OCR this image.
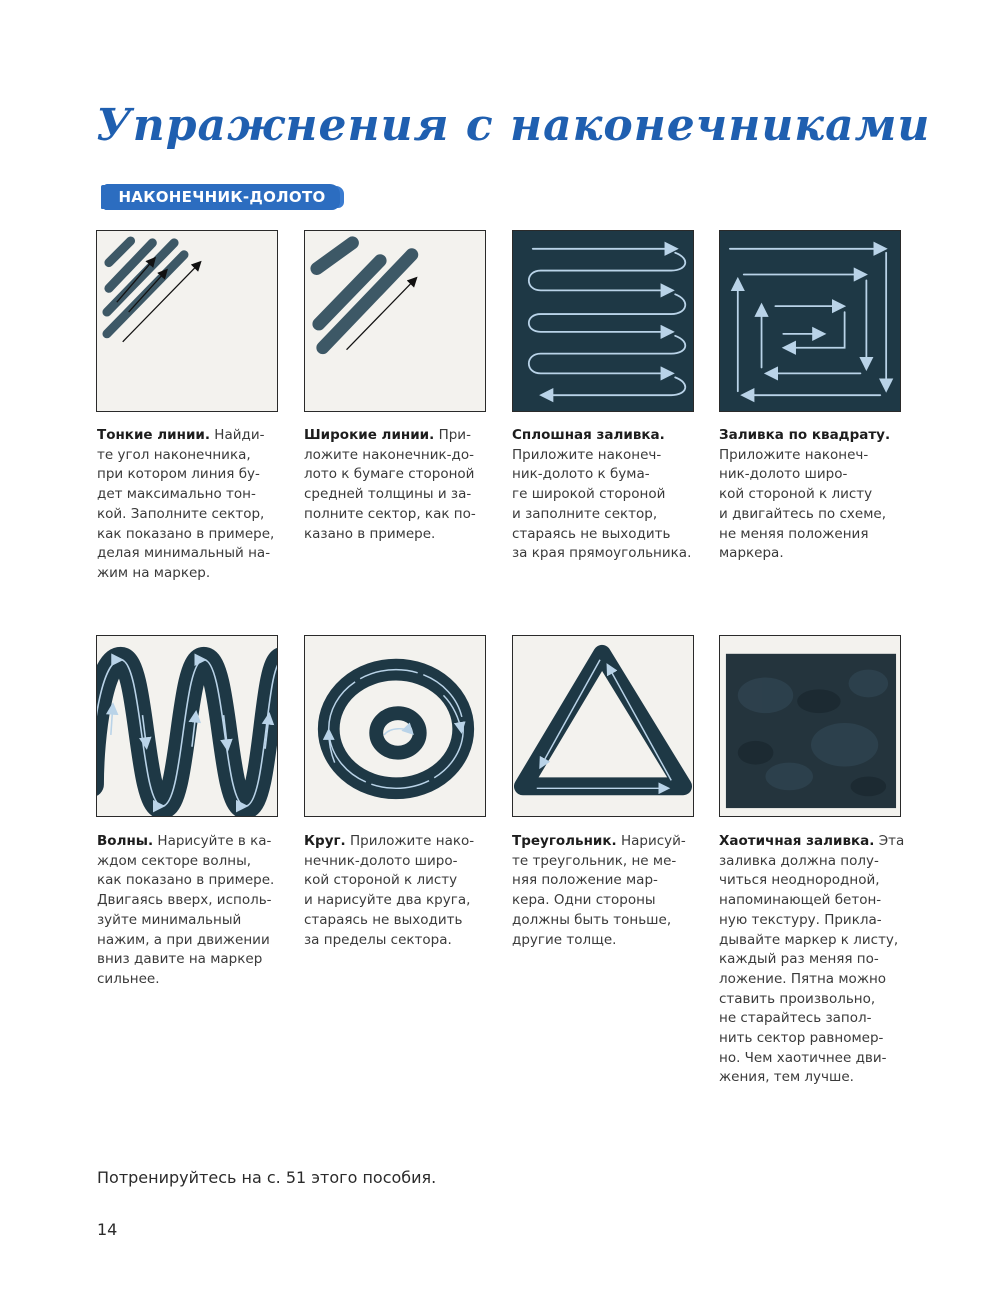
Упражнения с наконечниками
НАКОНЕЧНИК-ДОЛОТО
Тонкие линии. Найди-
те угол наконечника,
при котором линия бу-
дет максимально тон-
кой. Заполните сектор,
как показано в примере,
делая минимальный на-
жим на маркер.
Широкие линии. При-
ложите наконечник-до-
лото к бумаге стороной
средней толщины и за-
полните сектор, как по-
казано в примере.
Сплошная заливка.
Приложите наконеч-
ник-долото к бума-
ге широкой стороной
и заполните сектор,
стараясь не выходить
за края прямоугольника.
Заливка по квадрату.
Приложите наконеч-
ник-долото широ-
кой стороной к листу
и двигайтесь по схеме,
не меняя положения
маркера.
Волны. Нарисуйте в ка-
ждом секторе волны,
как показано в примере.
Двигаясь вверх, исполь-
зуйте минимальный
нажим, а при движении
вниз давите на маркер
сильнее.
Круг. Приложите нако-
нечник-долото широ-
кой стороной к листу
и нарисуйте два круга,
стараясь не выходить
за пределы сектора.
Треугольник. Нарисуй-
те треугольник, не ме-
няя положение мар-
кера. Одни стороны
должны быть тоньше,
другие толще.
Хаотичная заливка. Эта
заливка должна полу-
читься неоднородной,
напоминающей бетон-
ную текстуру. Прикла-
дывайте маркер к листу,
каждый раз меняя по-
ложение. Пятна можно
ставить произвольно,
не старайтесь запол-
нить сектор равномер-
но. Чем хаотичнее дви-
жения, тем лучше.
Потренируйтесь на с. 51 этого пособия.
14
